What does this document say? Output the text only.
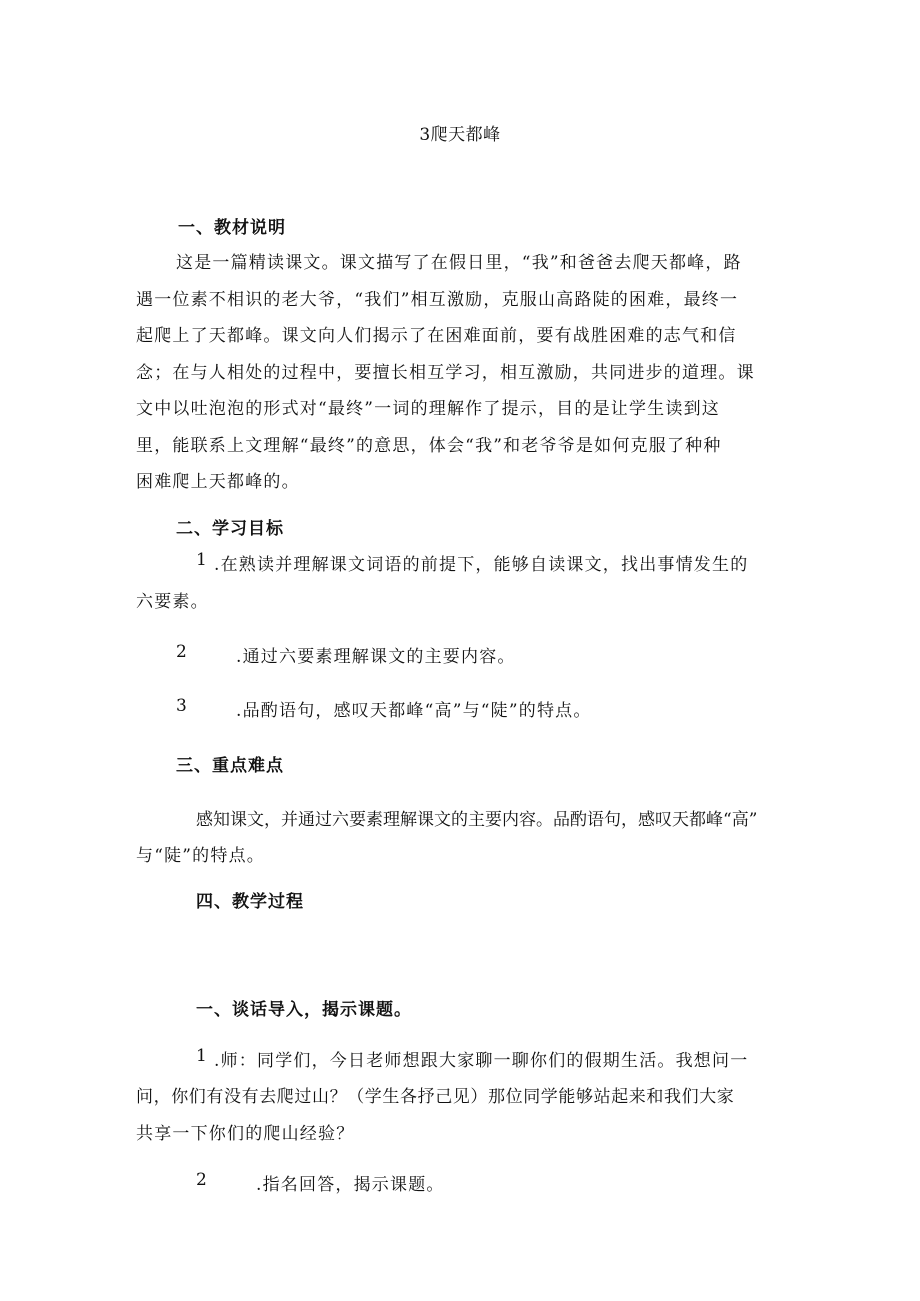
3爬天都峰
一、教材说明
这是一篇精读课文。课文描写了在假日里，“我”和爸爸去爬天都峰，路
遇一位素不相识的老大爷，“我们”相互激励，克服山高路陡的困难，最终一
起爬上了天都峰。课文向人们揭示了在困难面前，要有战胜困难的志气和信
念；在与人相处的过程中，要擅长相互学习，相互激励，共同进步的道理。课
文中以吐泡泡的形式对“最终”一词的理解作了提示，目的是让学生读到这
里，能联系上文理解“最终”的意思，体会“我”和老爷爷是如何克服了种种
困难爬上天都峰的。
二、学习目标
1 .在熟读并理解课文词语的前提下，能够自读课文，找出事情发生的
六要素。
2	.通过六要素理解课文的主要内容。
3	.品酌语句，感叹天都峰“高”与“陡”的特点。
三、重点难点
感知课文，并通过六要素理解课文的主要内容。品酌语句，感叹天都峰“高”
与“陡”的特点。
四、教学过程
一、谈话导入，揭示课题。
1 .师：同学们，今日老师想跟大家聊一聊你们的假期生活。我想问一
问，你们有没有去爬过山？（学生各抒己见）那位同学能够站起来和我们大家
共享一下你们的爬山经验？
2	.指名回答，揭示课题。
